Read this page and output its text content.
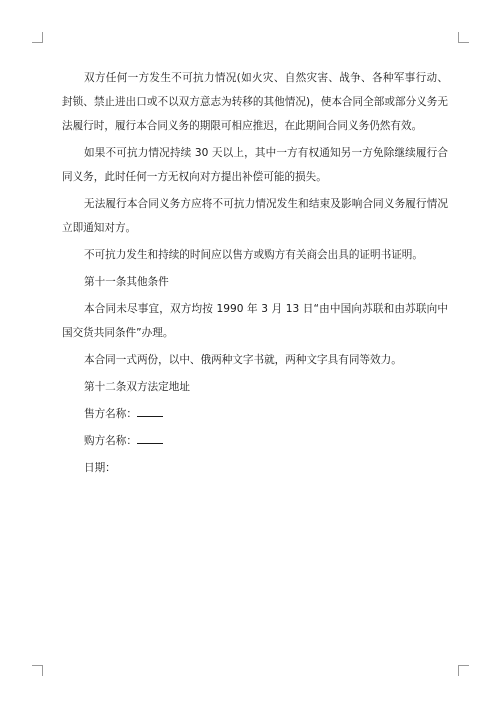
双方任何一方发生不可抗力情况(如火灾、自然灾害、战争、各种军事行动、封锁、禁止进出口或不以双方意志为转移的其他情况)，使本合同全部或部分义务无法履行时，履行本合同义务的期限可相应推迟，在此期间合同义务仍然有效。

如果不可抗力情况持续 30 天以上，其中一方有权通知另一方免除继续履行合同义务，此时任何一方无权向对方提出补偿可能的损失。

无法履行本合同义务方应将不可抗力情况发生和结束及影响合同义务履行情况立即通知对方。

不可抗力发生和持续的时间应以售方或购方有关商会出具的证明书证明。

第十一条其他条件

本合同未尽事宜，双方均按 1990 年 3 月 13 日“由中国向苏联和由苏联向中国交货共同条件”办理。

本合同一式两份，以中、俄两种文字书就，两种文字具有同等效力。

第十二条双方法定地址

售方名称：

购方名称：

日期：
